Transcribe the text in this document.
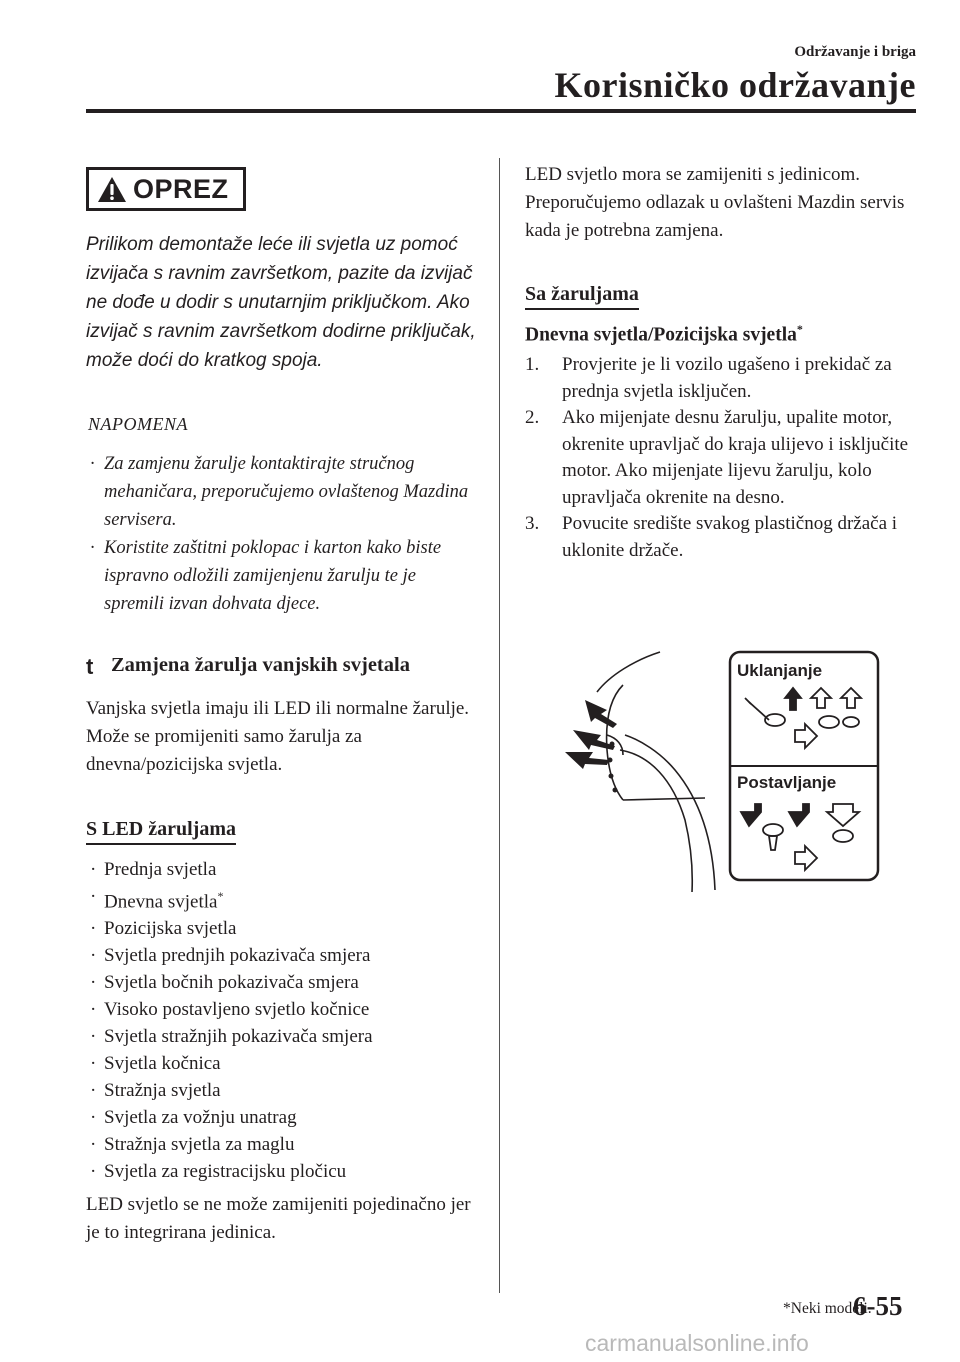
Održavanje i briga
Korisničko održavanje
OPREZ
Prilikom demontaže leće ili svjetla uz pomoć izvijača s ravnim završetkom, pazite da izvijač ne dođe u dodir s unutarnjim priključkom. Ako izvijač s ravnim završetkom dodirne priključak, može doći do kratkog spoja.
NAPOMENA
· Za zamjenu žarulje kontaktirajte stručnog mehaničara, preporučujemo ovlaštenog Mazdina servisera.
· Koristite zaštitni poklopac i karton kako biste ispravno odložili zamijenjenu žarulju te je spremili izvan dohvata djece.
t Zamjena žarulja vanjskih svjetala
Vanjska svjetla imaju ili LED ili normalne žarulje.
Može se promijeniti samo žarulja za dnevna/pozicijska svjetla.
S LED žaruljama
· Prednja svjetla
· Dnevna svjetla*
· Pozicijska svjetla
· Svjetla prednjih pokazivača smjera
· Svjetla bočnih pokazivača smjera
· Visoko postavljeno svjetlo kočnice
· Svjetla stražnjih pokazivača smjera
· Svjetla kočnica
· Stražnja svjetla
· Svjetla za vožnju unatrag
· Stražnja svjetla za maglu
· Svjetla za registracijsku pločicu
LED svjetlo se ne može zamijeniti pojedinačno jer je to integrirana jedinica.
LED svjetlo mora se zamijeniti s jedinicom. Preporučujemo odlazak u ovlašteni Mazdin servis kada je potrebna zamjena.
Sa žaruljama
Dnevna svjetla/Pozicijska svjetla*
1. Provjerite je li vozilo ugašeno i prekidač za prednja svjetla isključen.
2. Ako mijenjate desnu žarulju, upalite motor, okrenite upravljač do kraja ulijevo i isključite motor. Ako mijenjate lijevu žarulju, kolo upravljača okrenite na desno.
3. Povucite središte svakog plastičnog držača i uklonite držače.
Uklanjanje
Postavljanje
*Neki modeli.
6-55
carmanualsonline.info
